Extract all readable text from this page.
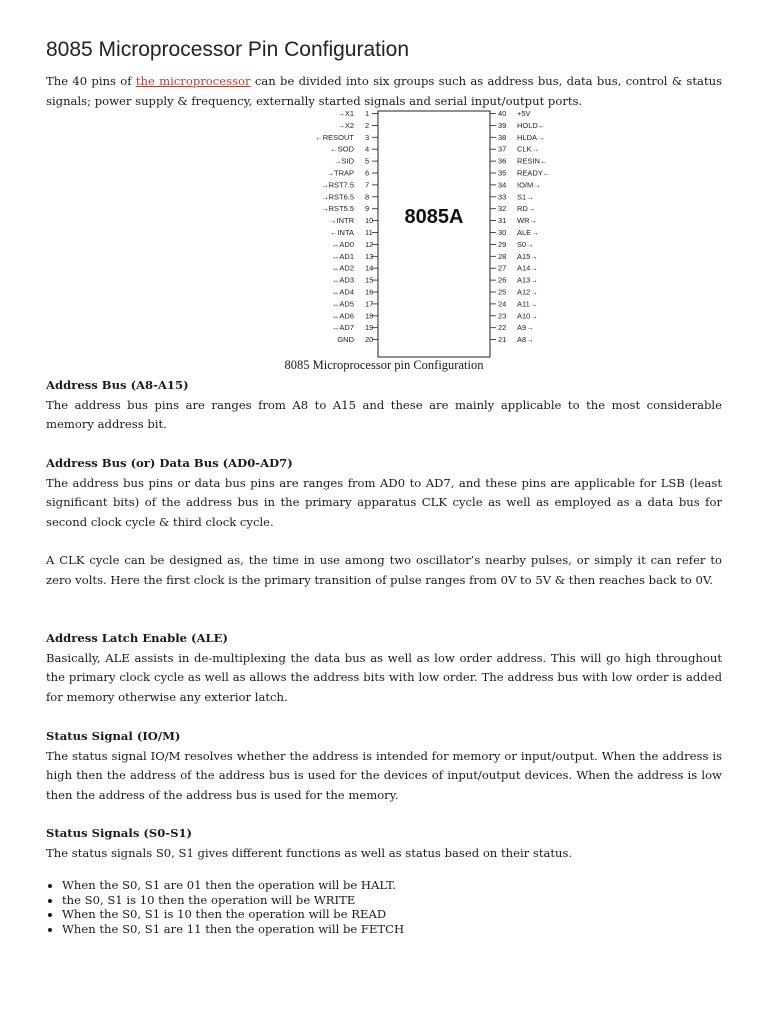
8085 Microprocessor Pin Configuration
The 40 pins of the microprocessor can be divided into six groups such as address bus, data bus, control & status signals; power supply & frequency, externally started signals and serial input/output ports.
8085A
1
→X1
2
→X2
3
←RESOUT
4
←SOD
5
→SID
6
→TRAP
7
→RST7.5
8
→RST6.5
9
→RST5.5
10
→INTR
11
←INTA
12
↔AD0
13
↔AD1
14
↔AD2
15
↔AD3
16
↔AD4
17
↔AD5
18
↔AD6
19
↔AD7
20
GND
40 +5V
39 HOLD←
38 HLDA→
37 CLK→
36 RESIN←
35 READY←
34 IO/M→
33 S1→
32 RD→
31 WR→
30 ALE→
29 S0→
28 A15→
27 A14→
26 A13→
25 A12→
24 A11→
23 A10→
22 A9→
21 A8→
8085 Microprocessor pin Configuration
Address Bus (A8-A15)

The address bus pins are ranges from A8 to A15 and these are mainly applicable to the most considerable memory address bit.

Address Bus (or) Data Bus (AD0-AD7)

The address bus pins or data bus pins are ranges from AD0 to AD7, and these pins are applicable for LSB (least significant bits) of the address bus in the primary apparatus CLK cycle as well as employed as a data bus for second clock cycle & third clock cycle.

A CLK cycle can be designed as, the time in use among two oscillator’s nearby pulses, or simply it can refer to zero volts. Here the first clock is the primary transition of pulse ranges from 0V to 5V & then reaches back to 0V.

Address Latch Enable (ALE)

Basically, ALE assists in de-multiplexing the data bus as well as low order address. This will go high throughout the primary clock cycle as well as allows the address bits with low order. The address bus with low order is added for memory otherwise any exterior latch.

Status Signal (IO/M)

The status signal IO/M resolves whether the address is intended for memory or input/output. When the address is high then the address of the address bus is used for the devices of input/output devices. When the address is low then the address of the address bus is used for the memory.

Status Signals (S0-S1)

The status signals S0, S1 gives different functions as well as status based on their status.

• When the S0, S1 are 01 then the operation will be HALT.
• the S0, S1 is 10 then the operation will be WRITE
• When the S0, S1 is 10 then the operation will be READ
• When the S0, S1 are 11 then the operation will be FETCH
